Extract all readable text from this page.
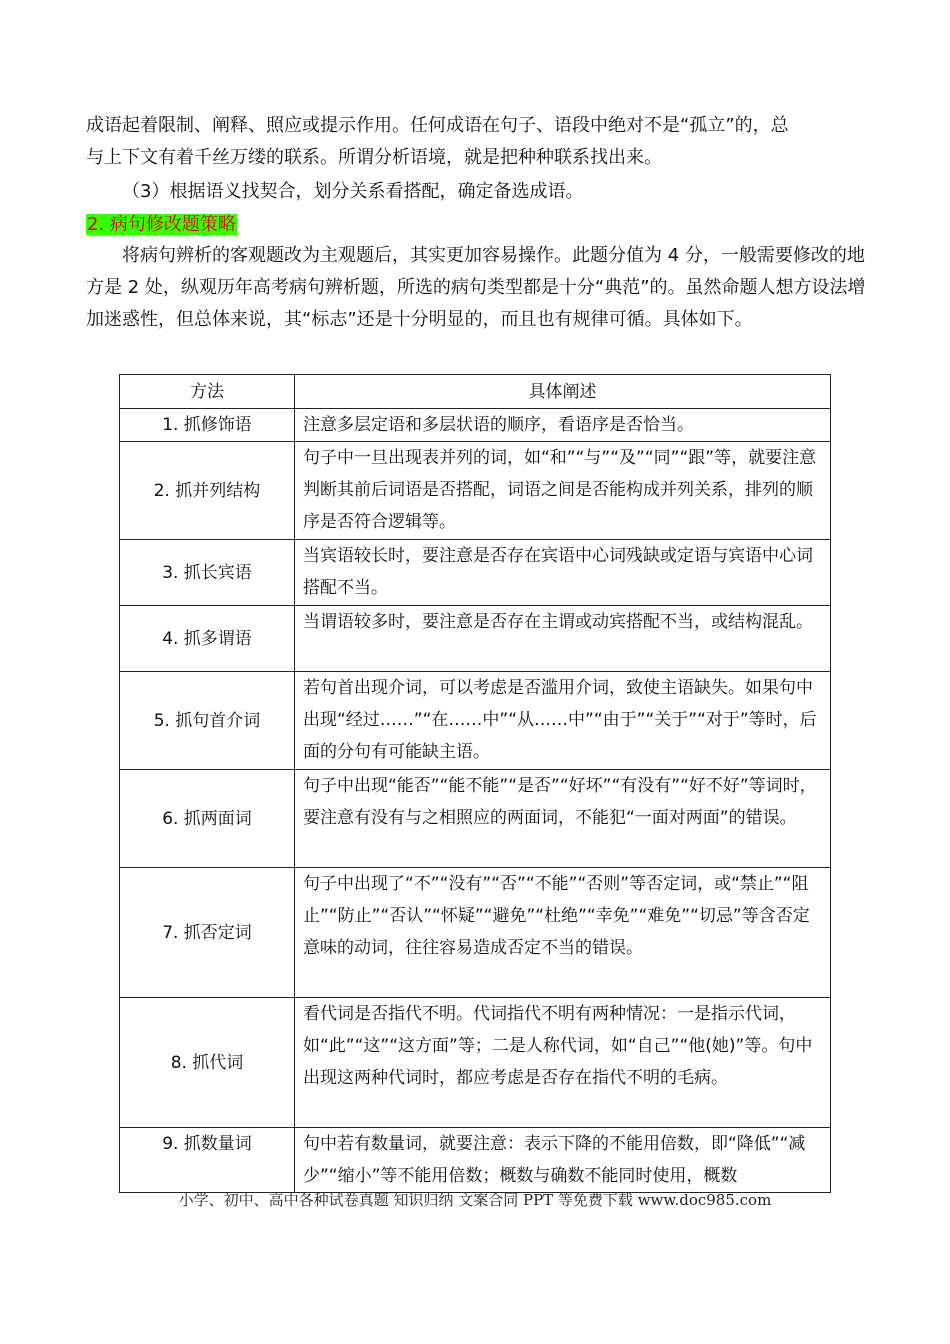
成语起着限制、阐释、照应或提示作用。任何成语在句子、语段中绝对不是“孤立”的，总
与上下文有着千丝万缕的联系。所谓分析语境，就是把种种联系找出来。
（3）根据语义找契合，划分关系看搭配，确定备选成语。
2. 病句修改题策略
将病句辨析的客观题改为主观题后，其实更加容易操作。此题分值为 4 分，一般需要修改的地方是 2 处，纵观历年高考病句辨析题，所选的病句类型都是十分“典范”的。虽然命题人想方设法增加迷惑性，但总体来说，其“标志”还是十分明显的，而且也有规律可循。具体如下。
方法	具体阐述
1. 抓修饰语	注意多层定语和多层状语的顺序，看语序是否恰当。
2. 抓并列结构	句子中一旦出现表并列的词，如“和”“与”“及”“同”“跟”等，就要注意判断其前后词语是否搭配，词语之间是否能构成并列关系，排列的顺序是否符合逻辑等。
3. 抓长宾语	当宾语较长时，要注意是否存在宾语中心词残缺或定语与宾语中心词搭配不当。
4. 抓多谓语	当谓语较多时，要注意是否存在主谓或动宾搭配不当，或结构混乱。
5. 抓句首介词	若句首出现介词，可以考虑是否滥用介词，致使主语缺失。如果句中出现“经过……”“在……中”“从……中”“由于”“关于”“对于”等时，后面的分句有可能缺主语。
6. 抓两面词	句子中出现“能否”“能不能”“是否”“好坏”“有没有”“好不好”等词时，要注意有没有与之相照应的两面词，不能犯“一面对两面”的错误。
7. 抓否定词	句子中出现了“不”“没有”“否”“不能”“否则”等否定词，或“禁止”“阻止”“防止”“否认”“怀疑”“避免”“杜绝”“幸免”“难免”“切忌”等含否定意味的动词，往往容易造成否定不当的错误。
8. 抓代词	看代词是否指代不明。代词指代不明有两种情况：一是指示代词，如“此”“这”“这方面”等；二是人称代词，如“自己”“他(她)”等。句中出现这两种代词时，都应考虑是否存在指代不明的毛病。
9. 抓数量词	句中若有数量词，就要注意：表示下降的不能用倍数，即“降低”“减少”“缩小”等不能用倍数；概数与确数不能同时使用，概数
小学、初中、高中各种试卷真题 知识归纳 文案合同 PPT 等免费下载 www.doc985.com
